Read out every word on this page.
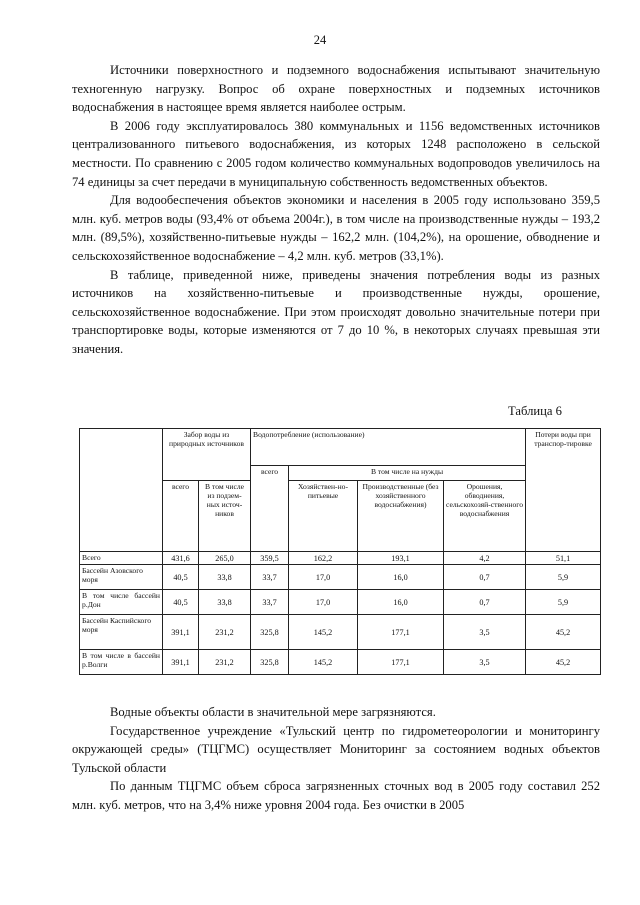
24

Источники поверхностного и подземного водоснабжения испытывают значительную техногенную нагрузку. Вопрос об охране поверхностных и подземных источников водоснабжения в настоящее время является наиболее острым.

В 2006 году эксплуатировалось 380 коммунальных и 1156 ведомственных источников централизованного питьевого водоснабжения, из которых 1248 расположено в сельской местности. По сравнению с 2005 годом количество коммунальных водопроводов увеличилось на 74 единицы за счет передачи в муниципальную собственность ведомственных объектов.

Для водообеспечения объектов экономики и населения в 2005 году использовано 359,5 млн. куб. метров воды (93,4% от объема 2004г.), в том числе на производственные нужды – 193,2 млн. (89,5%), хозяйственно-питьевые нужды – 162,2 млн. (104,2%), на орошение, обводнение и сельскохозяйственное водоснабжение – 4,2 млн. куб. метров (33,1%).

В таблице, приведенной ниже, приведены значения потребления воды из разных источников на хозяйственно-питьевые и производственные нужды, орошение, сельскохозяйственное водоснабжение. При этом происходят довольно значительные потери при транспортировке воды, которые изменяются от 7 до 10 %, в некоторых случаях превышая эти значения.

Таблица 6
	Забор воды из природных источников		Водопотребление (использование)				Потери воды при транспор-тировке
			всего	В том числе на нужды			
	всего	В том числе из подзем-ных источ-ников		Хозяйствен-но-питьевые	Производственные (без хозяйственного водоснабжения)	Орошения, обводнения, сельскохозяй-ственного водоснабжения	
Всего	431,6	265,0	359,5	162,2	193,1	4,2	51,1
Бассейн Азовского моря	40,5	33,8	33,7	17,0	16,0	0,7	5,9
В том числе бассейн р.Дон	40,5	33,8	33,7	17,0	16,0	0,7	5,9
Бассейн Каспийского моря	391,1	231,2	325,8	145,2	177,1	3,5	45,2
В том числе в бассейн р.Волги	391,1	231,2	325,8	145,2	177,1	3,5	45,2

Водные объекты области в значительной мере загрязняются.

Государственное учреждение «Тульский центр по гидрометеорологии и мониторингу окружающей среды» (ТЦГМС) осуществляет Мониторинг за состоянием водных объектов Тульской области

По данным ТЦГМС объем сброса загрязненных сточных вод в 2005 году составил 252 млн. куб. метров, что на 3,4% ниже уровня 2004 года. Без очистки в 2005
